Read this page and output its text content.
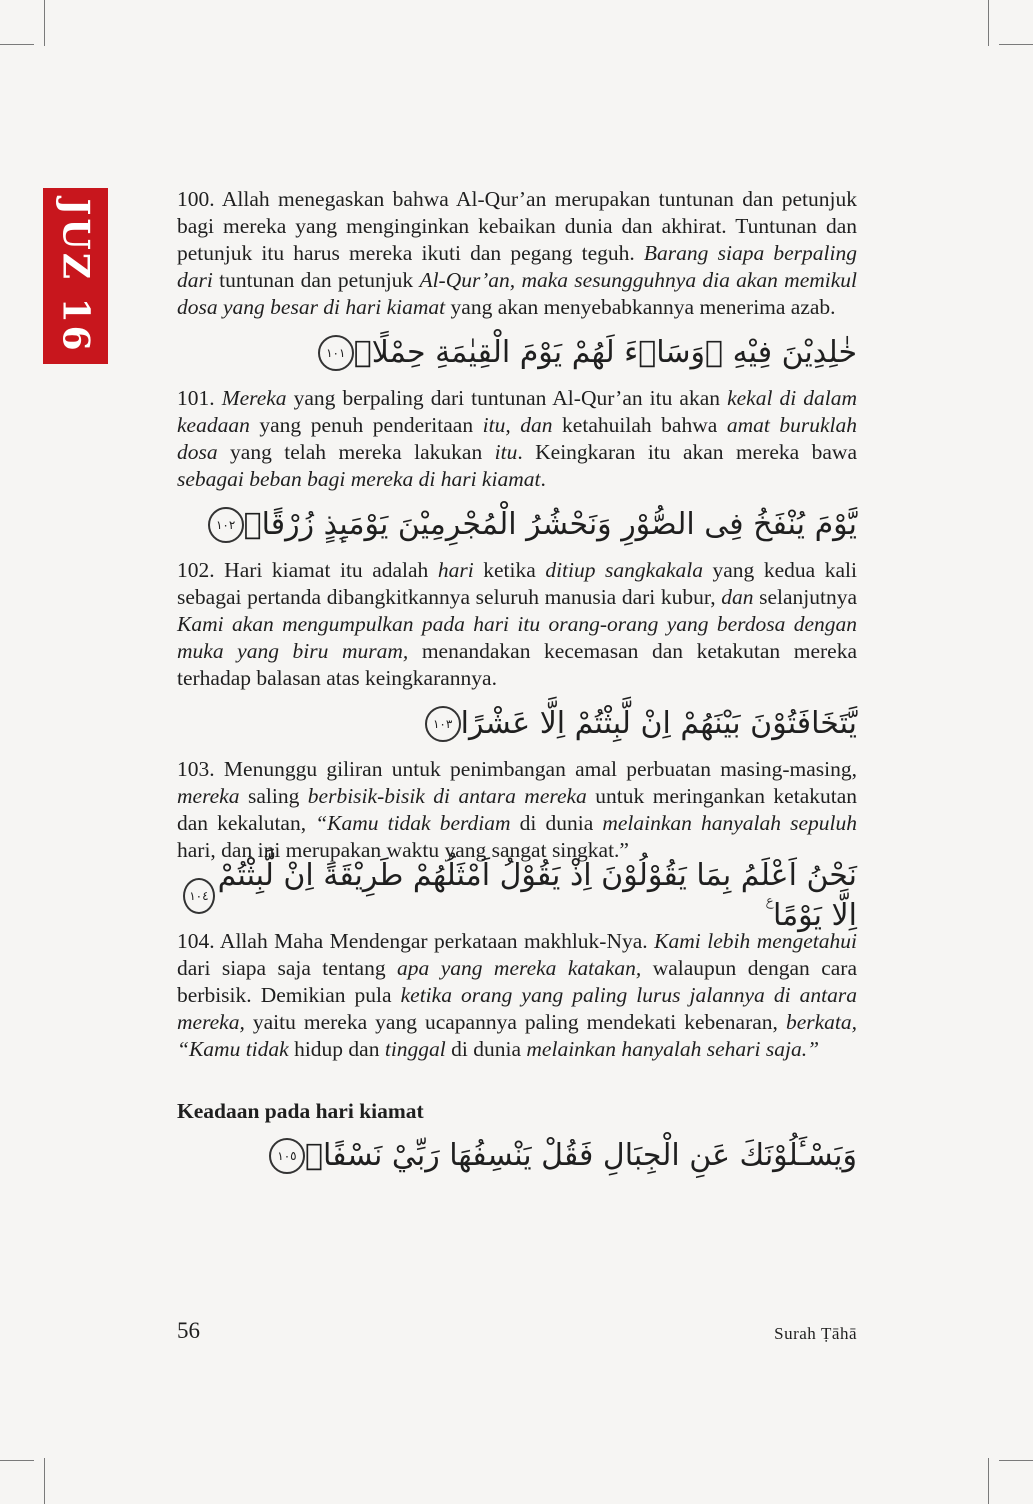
JUZ 16	100. Allah menegaskan bahwa Al-Qur’an merupakan tuntunan dan petunjuk bagi mereka yang menginginkan kebaikan dunia dan akhirat. Tuntunan dan petunjuk itu harus mereka ikuti dan pegang teguh. Barang siapa berpaling dari tuntunan dan petunjuk Al-Qur’an, maka sesungguhnya dia akan memikul dosa yang besar di hari kiamat yang akan menyebabkannya menerima azab.

خٰلِدِيْنَ فِيْهِ ۗوَسَاۤءَ لَهُمْ يَوْمَ الْقِيٰمَةِ حِمْلًاۙ
١٠١

101. Mereka yang berpaling dari tuntunan Al-Qur’an itu akan kekal di dalam keadaan yang penuh penderitaan itu, dan ketahuilah bahwa amat buruklah dosa yang telah mereka lakukan itu. Keingkaran itu akan mereka bawa sebagai beban bagi mereka di hari kiamat.

يَّوْمَ يُنْفَخُ فِى الصُّوْرِ وَنَحْشُرُ الْمُجْرِمِيْنَ يَوْمَىِٕذٍ زُرْقًاۖ
١٠٢

102. Hari kiamat itu adalah hari ketika ditiup sangkakala yang kedua kali sebagai pertanda dibangkitkannya seluruh manusia dari kubur, dan selanjutnya Kami akan mengumpulkan pada hari itu orang-orang yang berdosa dengan muka yang biru muram, menandakan kecemasan dan ketakutan mereka terhadap balasan atas keingkarannya.

يَّتَخَافَتُوْنَ بَيْنَهُمْ اِنْ لَّبِثْتُمْ اِلَّا عَشْرًا
١٠٣

103. Menunggu giliran untuk penimbangan amal perbuatan masing-masing, mereka saling berbisik-bisik di antara mereka untuk meringankan ketakutan dan kekalutan, “Kamu tidak berdiam di dunia melainkan hanyalah sepuluh hari, dan ini merupakan waktu yang sangat singkat.”

نَحْنُ اَعْلَمُ بِمَا يَقُوْلُوْنَ اِذْ يَقُوْلُ اَمْثَلُهُمْ طَرِيْقَةً اِنْ لَّبِثْتُمْ اِلَّا يَوْمًا ࣖ
١٠٤

104. Allah Maha Mendengar perkataan makhluk-Nya. Kami lebih mengetahui dari siapa saja tentang apa yang mereka katakan, walaupun dengan cara berbisik. Demikian pula ketika orang yang paling lurus jalannya di antara mereka, yaitu mereka yang ucapannya paling mendekati kebenaran, berkata, “Kamu tidak hidup dan tinggal di dunia melainkan hanyalah sehari saja.”

Keadaan pada hari kiamat

وَيَسْـَٔلُوْنَكَ عَنِ الْجِبَالِ فَقُلْ يَنْسِفُهَا رَبِّيْ نَسْفًاۙ
١٠٥
56	Surah Ṭāhā
